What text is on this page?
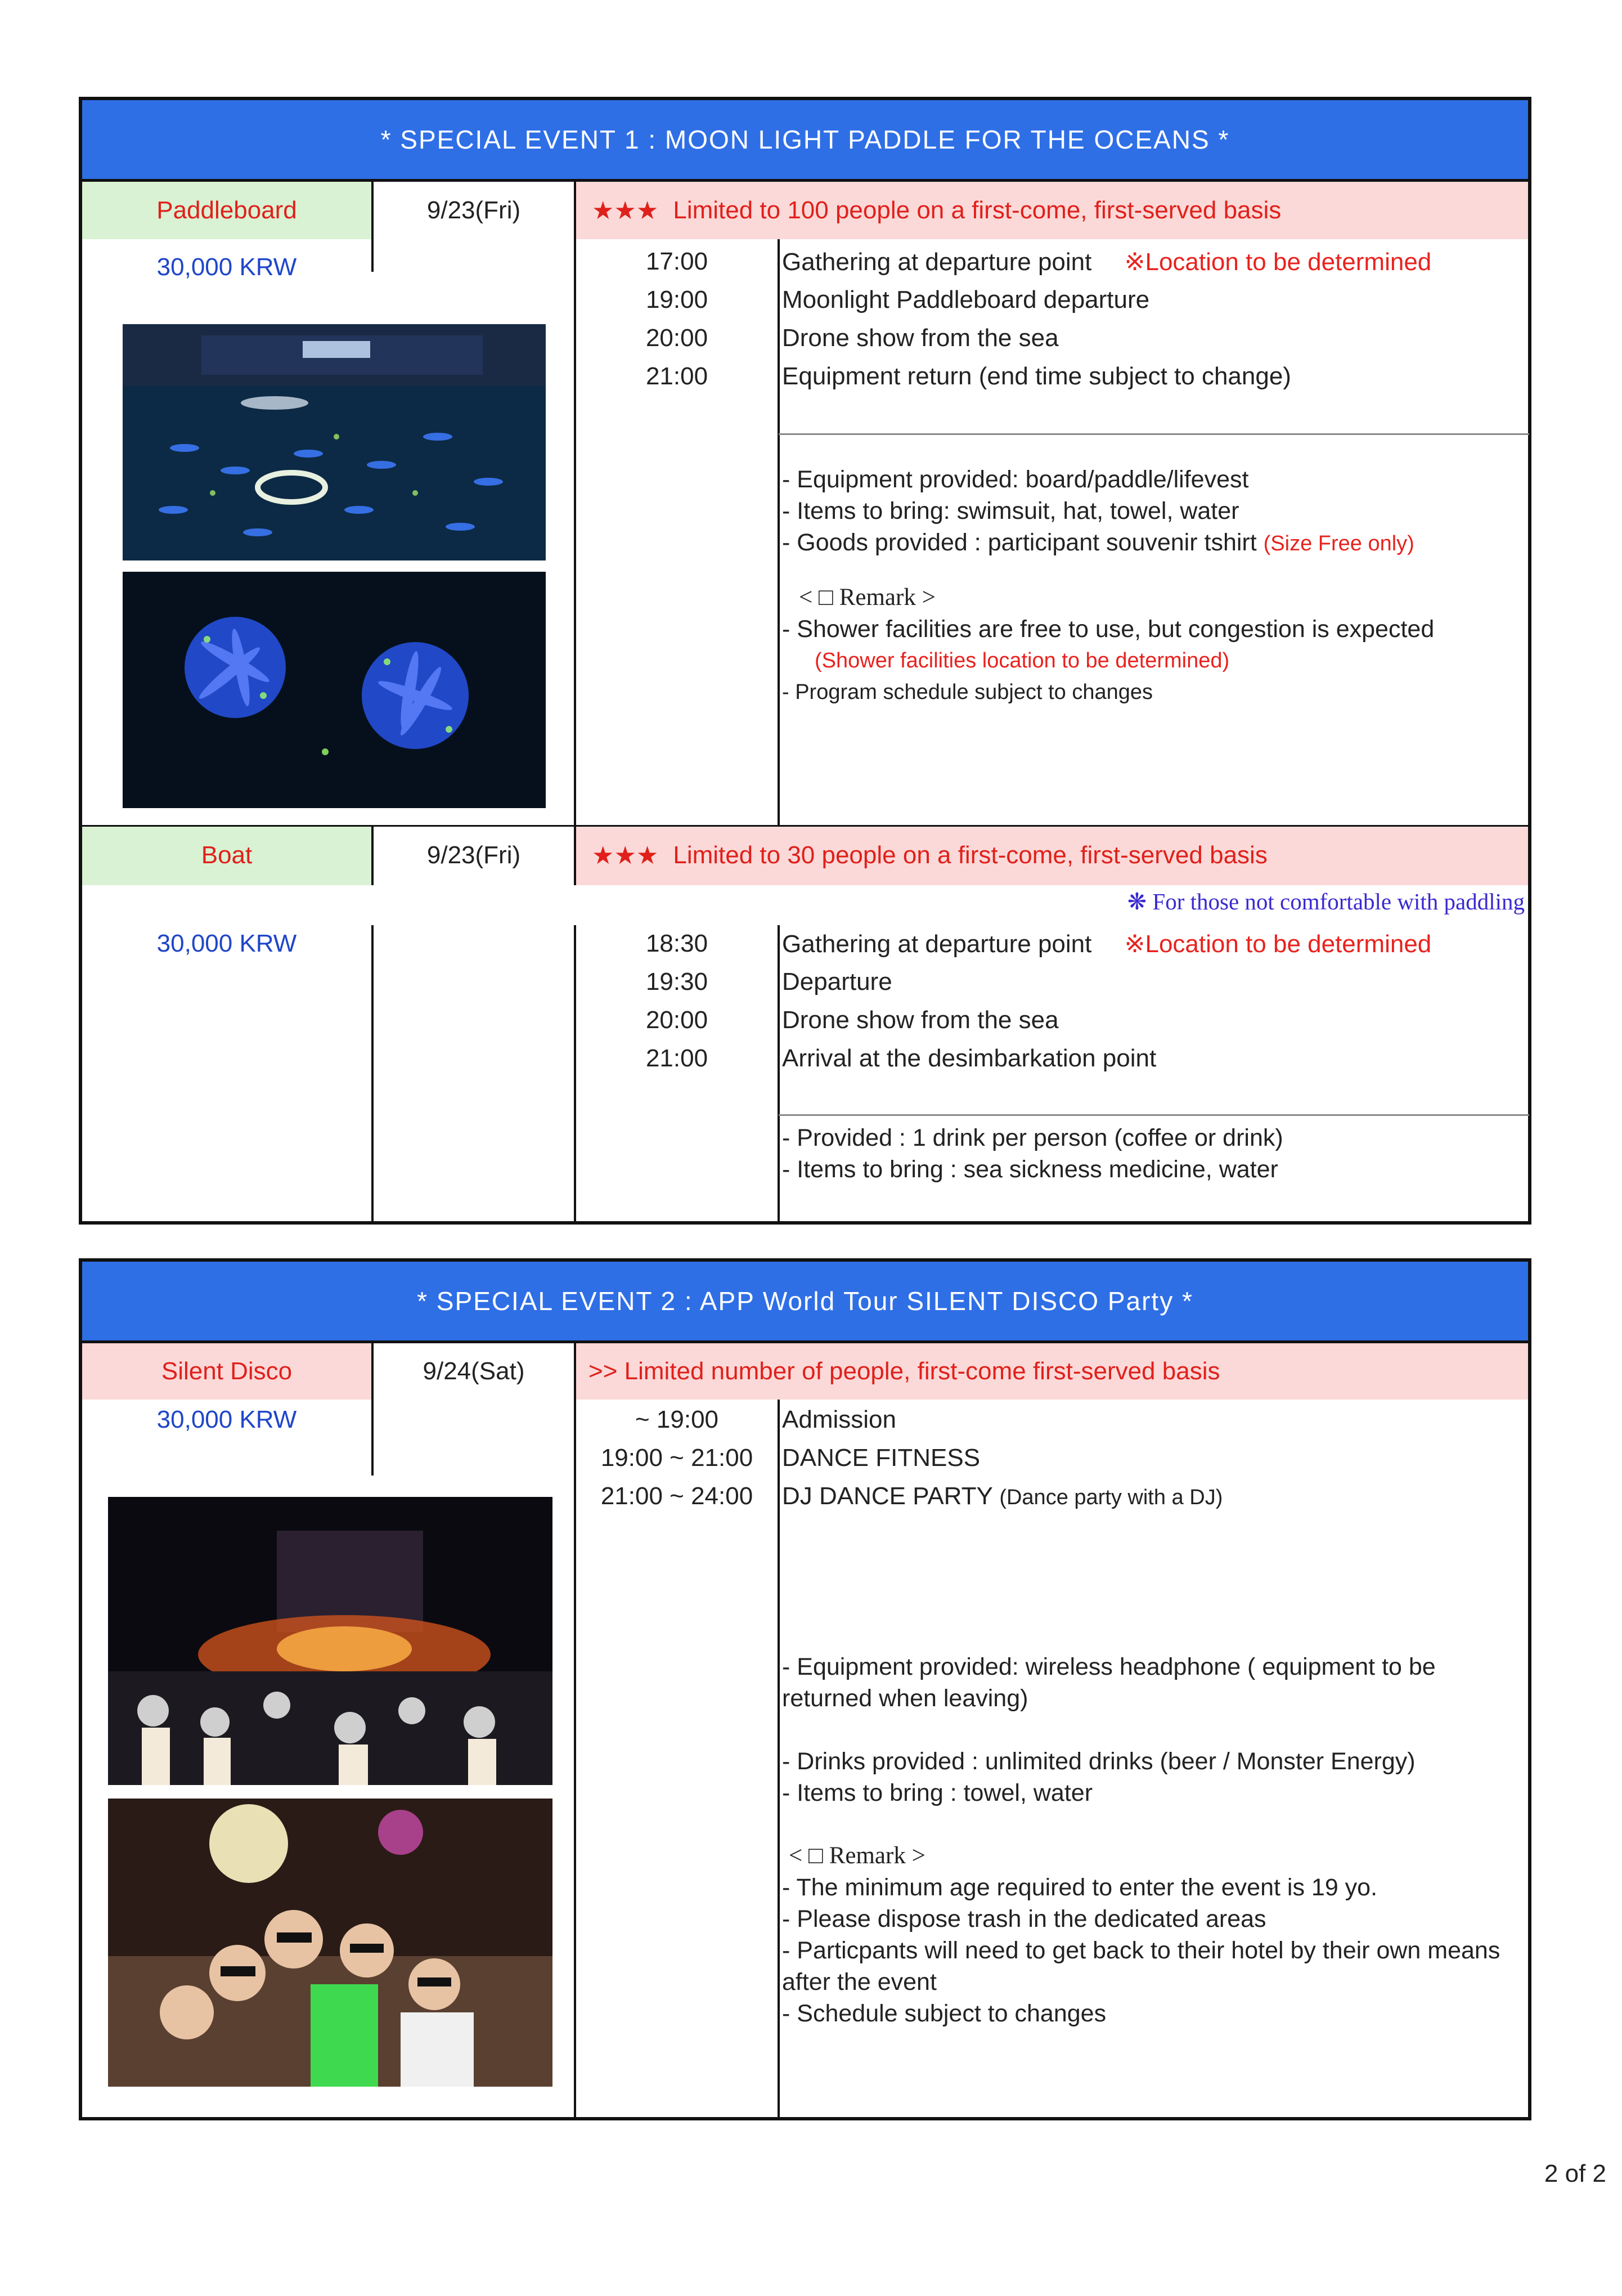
* SPECIAL EVENT 1 : MOON LIGHT PADDLE FOR THE OCEANS *
Paddleboard	9/23(Fri)	★★★ Limited to 100 people on a first-come, first-served basis
30,000 KRW	17:00	Gathering at departure point ※Location to be determined
19:00	Moonlight Paddleboard departure
20:00	Drone show from the sea
21:00	Equipment return (end time subject to change)

- Equipment provided: board/paddle/lifevest

- Items to bring: swimsuit, hat, towel, water

- Goods provided : participant souvenir tshirt (Size Free only)

< □ Remark >

- Shower facilities are free to use, but congestion is expected

(Shower facilities location to be determined)

- Program schedule subject to changes

Boat	9/23(Fri)	★★★ Limited to 30 people on a first-come, first-served basis
❋ For those not comfortable with paddling
30,000 KRW	18:30	Gathering at departure point ※Location to be determined
19:30	Departure
20:00	Drone show from the sea
21:00	Arrival at the desimbarkation point

- Provided : 1 drink per person (coffee or drink)

- Items to bring : sea sickness medicine, water

* SPECIAL EVENT 2 : APP World Tour SILENT DISCO Party *
Silent Disco	9/24(Sat)	>> Limited number of people, first-come first-served basis
30,000 KRW	~ 19:00	Admission
19:00 ~ 21:00	DANCE FITNESS
21:00 ~ 24:00	DJ DANCE PARTY (Dance party with a DJ)

- Equipment provided: wireless headphone ( equipment to be returned when leaving)

- Drinks provided : unlimited drinks (beer / Monster Energy)

- Items to bring : towel, water

< □ Remark >

- The minimum age required to enter the event is 19 yo.

- Please dispose trash in the dedicated areas

- Particpants will need to get back to their hotel by their own means after the event

- Schedule subject to changes

2 of 2
